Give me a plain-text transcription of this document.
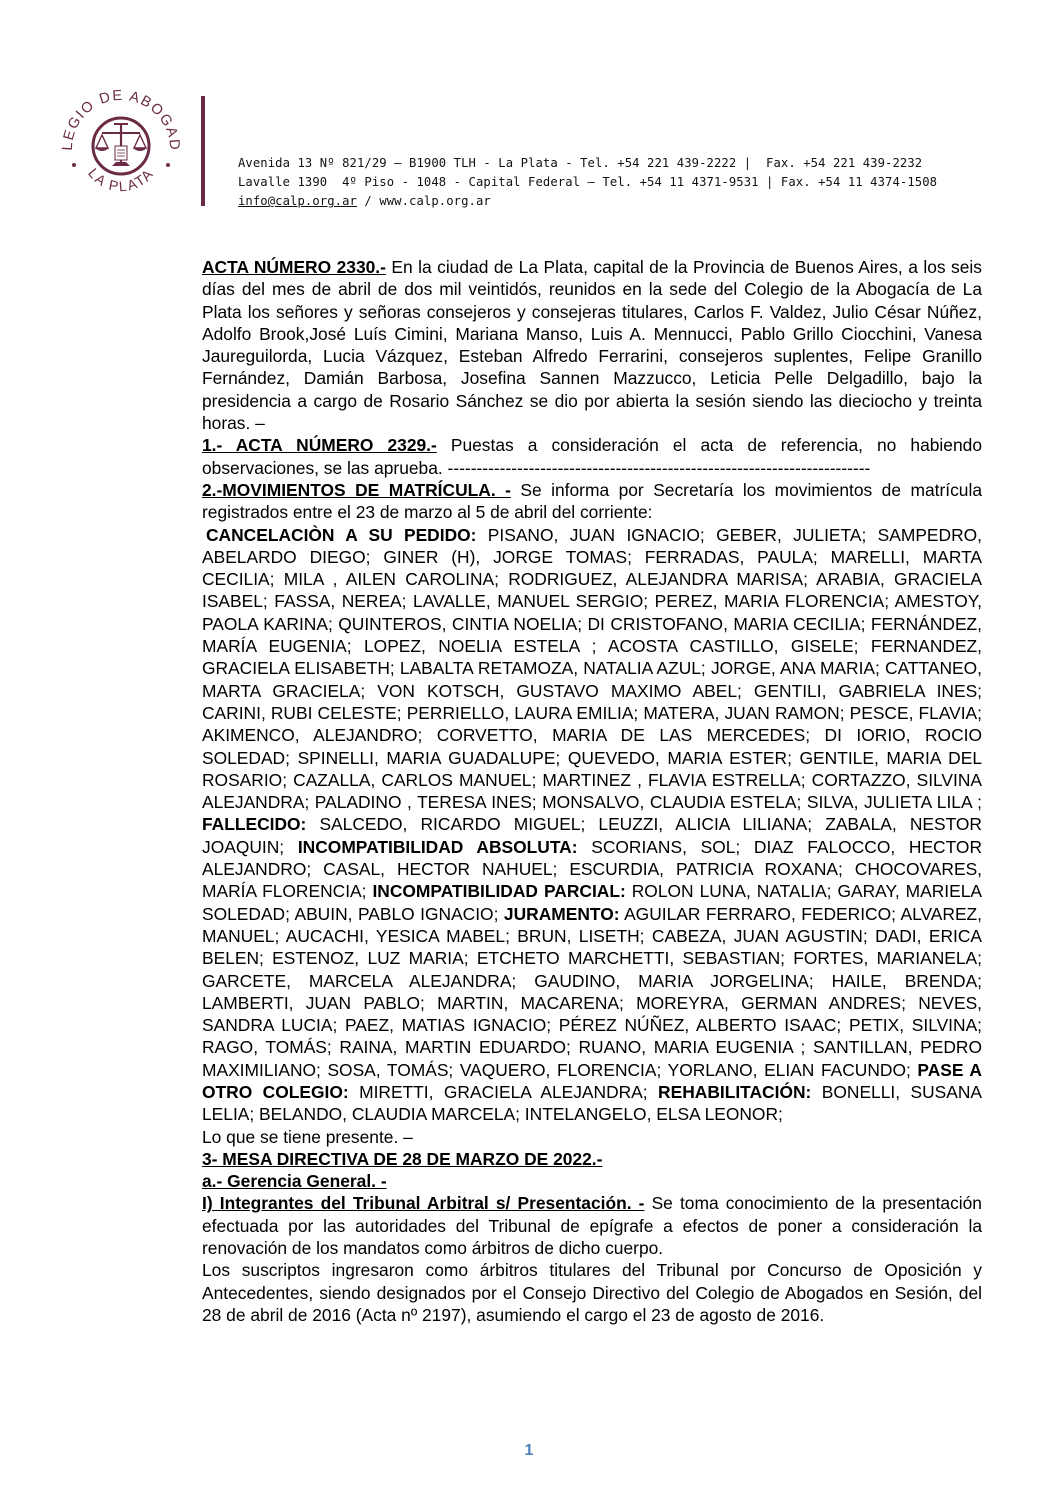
LEGIO DE ABOGAD
LA PLATA
Avenida 13 Nº 821/29 – B1900 TLH - La Plata - Tel. +54 221 439-2222 |  Fax. +54 221 439-2232
Lavalle 1390  4º Piso - 1048 - Capital Federal – Tel. +54 11 4371-9531 | Fax. +54 11 4374-1508
info@calp.org.ar / www.calp.org.ar

ACTA NÚMERO 2330.- En la ciudad de La Plata, capital de la Provincia de Buenos Aires, a los seis días del mes de abril de dos mil veintidós, reunidos en la sede del Colegio de la Abogacía de La Plata los señores y señoras consejeros y consejeras titulares, Carlos F. Valdez, Julio César Núñez, Adolfo Brook,José Luís Cimini, Mariana Manso, Luis A. Mennucci, Pablo Grillo Ciocchini, Vanesa Jaureguilorda, Lucia Vázquez, Esteban Alfredo Ferrarini, consejeros suplentes, Felipe Granillo Fernández, Damián Barbosa, Josefina Sannen Mazzucco, Leticia Pelle Delgadillo, bajo la presidencia a cargo de Rosario Sánchez se dio por abierta la sesión siendo las dieciocho y treinta horas. –

1.- ACTA NÚMERO 2329.- Puestas a consideración el acta de referencia, no habiendo observaciones, se las aprueba. -------------------------------------------------------------------------

2.-MOVIMIENTOS DE MATRÍCULA. - Se informa por Secretaría los movimientos de matrícula registrados entre el 23 de marzo al 5 de abril del corriente:

CANCELACIÒN A SU PEDIDO: PISANO, JUAN IGNACIO; GEBER, JULIETA; SAMPEDRO, ABELARDO DIEGO; GINER (H), JORGE TOMAS; FERRADAS, PAULA; MARELLI, MARTA CECILIA; MILA , AILEN CAROLINA; RODRIGUEZ, ALEJANDRA MARISA; ARABIA, GRACIELA ISABEL; FASSA, NEREA; LAVALLE, MANUEL SERGIO; PEREZ, MARIA FLORENCIA; AMESTOY, PAOLA KARINA; QUINTEROS, CINTIA NOELIA; DI CRISTOFANO, MARIA CECILIA; FERNÁNDEZ, MARÍA EUGENIA; LOPEZ, NOELIA ESTELA ; ACOSTA CASTILLO, GISELE; FERNANDEZ, GRACIELA ELISABETH; LABALTA RETAMOZA, NATALIA AZUL; JORGE, ANA MARIA; CATTANEO, MARTA GRACIELA; VON KOTSCH, GUSTAVO MAXIMO ABEL; GENTILI, GABRIELA INES; CARINI, RUBI CELESTE; PERRIELLO, LAURA EMILIA; MATERA, JUAN RAMON; PESCE, FLAVIA; AKIMENCO, ALEJANDRO; CORVETTO, MARIA DE LAS MERCEDES; DI IORIO, ROCIO SOLEDAD; SPINELLI, MARIA GUADALUPE; QUEVEDO, MARIA ESTER; GENTILE, MARIA DEL ROSARIO; CAZALLA, CARLOS MANUEL; MARTINEZ , FLAVIA ESTRELLA; CORTAZZO, SILVINA ALEJANDRA; PALADINO , TERESA INES; MONSALVO, CLAUDIA ESTELA; SILVA, JULIETA LILA ; FALLECIDO: SALCEDO, RICARDO MIGUEL; LEUZZI, ALICIA LILIANA; ZABALA, NESTOR JOAQUIN; INCOMPATIBILIDAD ABSOLUTA: SCORIANS, SOL; DIAZ FALOCCO, HECTOR ALEJANDRO; CASAL, HECTOR NAHUEL; ESCURDIA, PATRICIA ROXANA; CHOCOVARES, MARÍA FLORENCIA; INCOMPATIBILIDAD PARCIAL: ROLON LUNA, NATALIA; GARAY, MARIELA SOLEDAD; ABUIN, PABLO IGNACIO; JURAMENTO: AGUILAR FERRARO, FEDERICO; ALVAREZ, MANUEL; AUCACHI, YESICA MABEL; BRUN, LISETH; CABEZA, JUAN AGUSTIN; DADI, ERICA BELEN; ESTENOZ, LUZ MARIA; ETCHETO MARCHETTI, SEBASTIAN; FORTES, MARIANELA; GARCETE, MARCELA ALEJANDRA; GAUDINO, MARIA JORGELINA; HAILE, BRENDA; LAMBERTI, JUAN PABLO; MARTIN, MACARENA; MOREYRA, GERMAN ANDRES; NEVES, SANDRA LUCIA; PAEZ, MATIAS IGNACIO; PÉREZ NÚÑEZ, ALBERTO ISAAC; PETIX, SILVINA; RAGO, TOMÁS; RAINA, MARTIN EDUARDO; RUANO, MARIA EUGENIA ; SANTILLAN, PEDRO MAXIMILIANO; SOSA, TOMÁS; VAQUERO, FLORENCIA; YORLANO, ELIAN FACUNDO; PASE A OTRO COLEGIO: MIRETTI, GRACIELA ALEJANDRA; REHABILITACIÓN: BONELLI, SUSANA LELIA; BELANDO, CLAUDIA MARCELA; INTELANGELO, ELSA LEONOR;

Lo que se tiene presente. –

3- MESA DIRECTIVA DE 28 DE MARZO DE 2022.-

a.- Gerencia General. -

I) Integrantes del Tribunal Arbitral s/ Presentación. - Se toma conocimiento de la presentación efectuada por las autoridades del Tribunal de epígrafe a efectos de poner a consideración la renovación de los mandatos como árbitros de dicho cuerpo.

Los suscriptos ingresaron como árbitros titulares del Tribunal por Concurso de Oposición y Antecedentes, siendo designados por el Consejo Directivo del Colegio de Abogados en Sesión, del 28 de abril de 2016 (Acta nº 2197), asumiendo el cargo el 23 de agosto de 2016.

1
